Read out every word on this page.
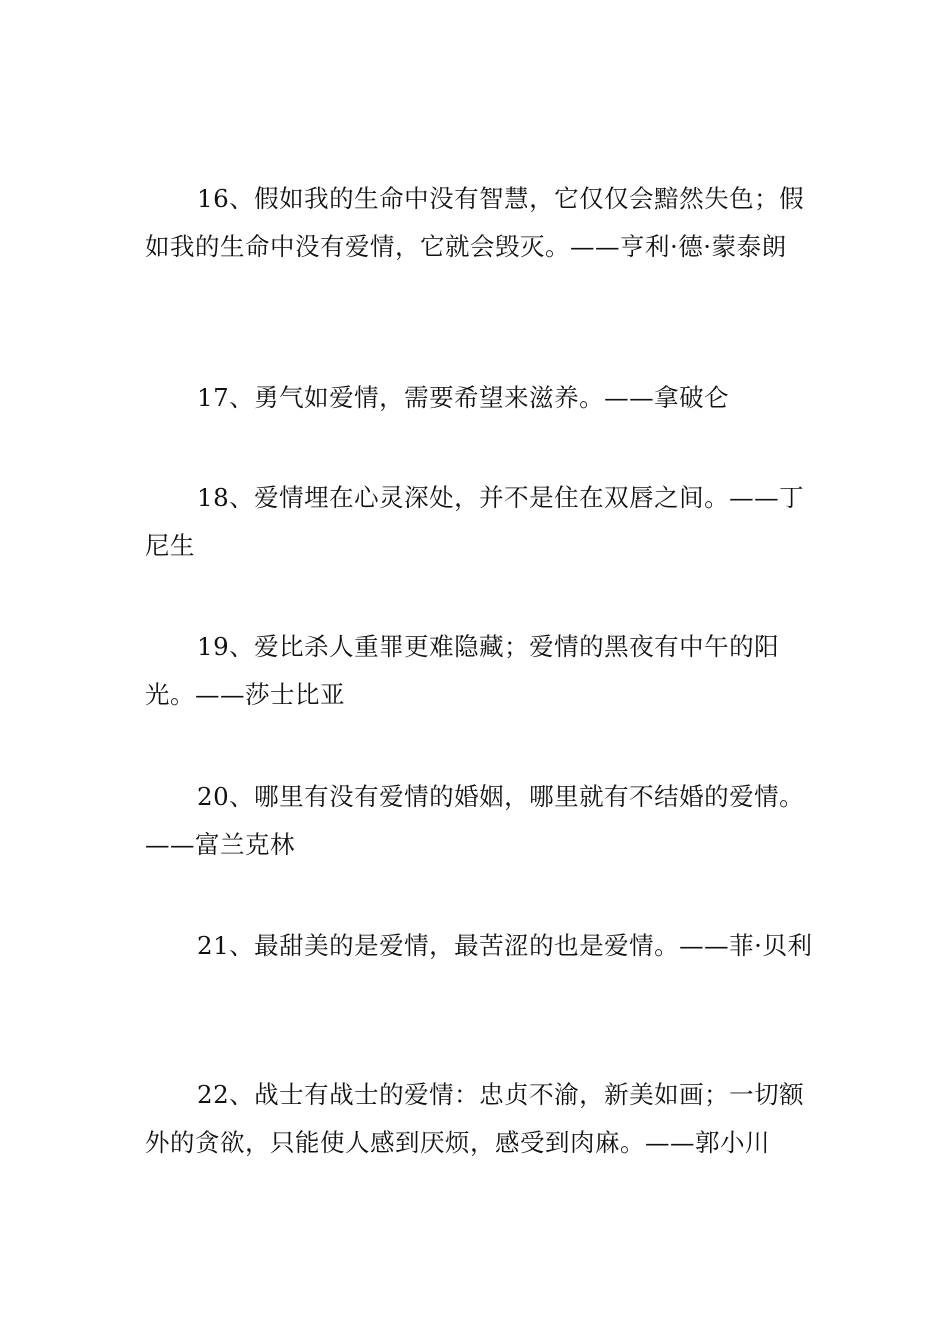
16、假如我的生命中没有智慧，它仅仅会黯然失色；假如我的生命中没有爱情，它就会毁灭。——亨利·德·蒙泰朗

17、勇气如爱情，需要希望来滋养。——拿破仑

18、爱情埋在心灵深处，并不是住在双唇之间。——丁尼生

19、爱比杀人重罪更难隐藏；爱情的黑夜有中午的阳光。——莎士比亚

20、哪里有没有爱情的婚姻，哪里就有不结婚的爱情。——富兰克林

21、最甜美的是爱情，最苦涩的也是爱情。——菲·贝利

22、战士有战士的爱情：忠贞不渝，新美如画；一切额外的贪欲，只能使人感到厌烦，感受到肉麻。——郭小川
